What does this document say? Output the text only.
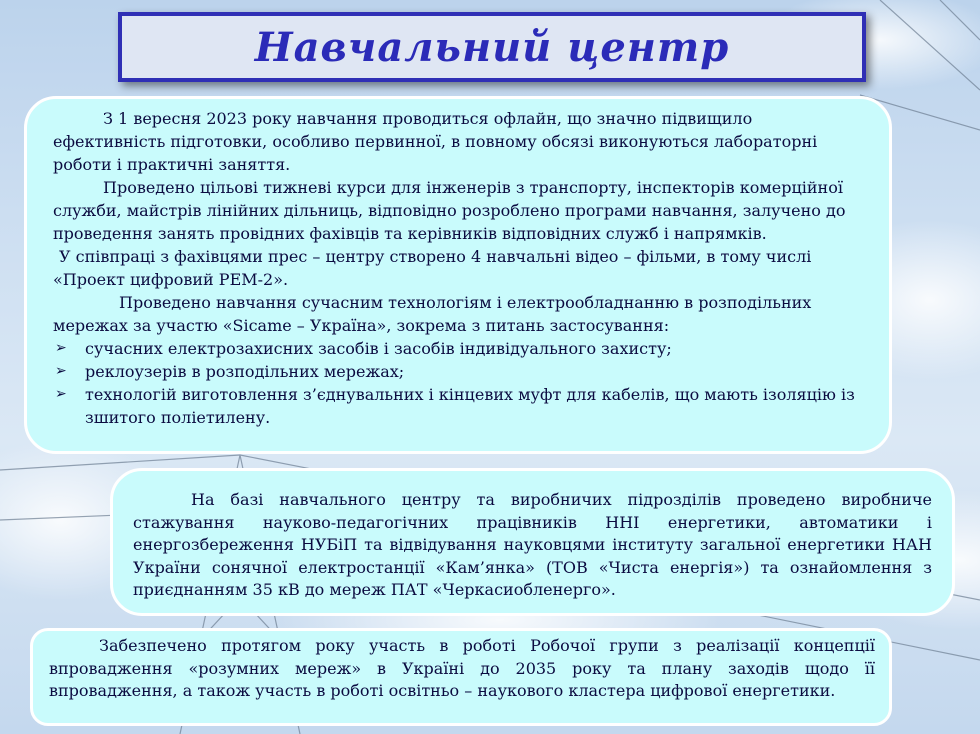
Навчальний центр

З 1 вересня 2023 року навчання проводиться офлайн, що значно підвищило ефективність підготовки, особливо первинної, в повному обсязі виконуються лабораторні роботи і практичні заняття.

Проведено цільові тижневі курси для інженерів з транспорту, інспекторів комерційної служби, майстрів лінійних дільниць, відповідно розроблено програми навчання, залучено до проведення занять провідних фахівців та керівників відповідних служб і напрямків.

У співпраці з фахівцями прес – центру створено 4 навчальні відео – фільми, в тому числі «Проект цифровий РЕМ-2».

Проведено навчання сучасним технологіям і електрообладнанню в розподільних мережах за участю «Sicame – Україна», зокрема з питань застосування:

➢ сучасних електрозахисних засобів і засобів індивідуального захисту;
➢ реклоузерів в розподільних мережах;
➢ технологій виготовлення з’єднувальних і кінцевих муфт для кабелів, що мають ізоляцію із зшитого поліетилену.

На базі навчального центру та виробничих підрозділів проведено виробниче стажування науково-педагогічних працівників ННІ енергетики, автоматики і енергозбереження НУБіП та відвідування науковцями інституту загальної енергетики НАН України сонячної електростанції «Кам’янка» (ТОВ «Чиста енергія») та ознайомлення з приєднанням 35 кВ до мереж ПАТ «Черкасиобленерго».

Забезпечено протягом року участь в роботі Робочої групи з реалізації концепції впровадження «розумних мереж» в Україні до 2035 року та плану заходів щодо її впровадження, а також участь в роботі освітньо – наукового кластера цифрової енергетики.
